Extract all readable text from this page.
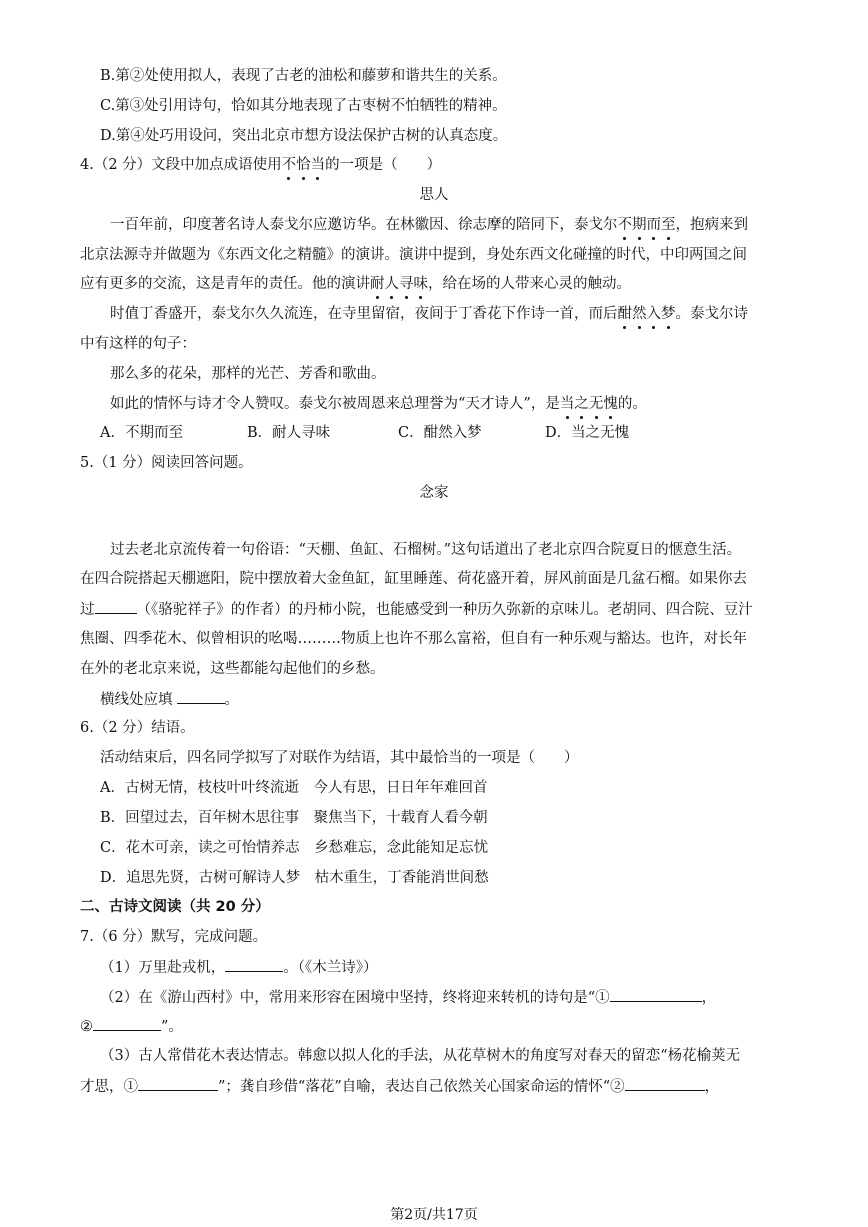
B.第②处使用拟人，表现了古老的油松和藤萝和谐共生的关系。
C.第③处引用诗句，恰如其分地表现了古枣树不怕牺牲的精神。
D.第④处巧用设问，突出北京市想方设法保护古树的认真态度。
4.（2 分）文段中加点成语使用不恰当的一项是（　　）
思人
一百年前，印度著名诗人泰戈尔应邀访华。在林徽因、徐志摩的陪同下，泰戈尔不期而至，抱病来到
北京法源寺并做题为《东西文化之精髓》的演讲。演讲中提到，身处东西文化碰撞的时代，中印两国之间
应有更多的交流，这是青年的责任。他的演讲耐人寻味，给在场的人带来心灵的触动。
时值丁香盛开，泰戈尔久久流连，在寺里留宿，夜间于丁香花下作诗一首，而后酣然入梦。泰戈尔诗
中有这样的句子：
那么多的花朵，那样的光芒、芳香和歌曲。
如此的情怀与诗才令人赞叹。泰戈尔被周恩来总理誉为“天才诗人”，是当之无愧的。
A．不期而至	B．耐人寻味	C．酣然入梦	D．当之无愧
5.（1 分）阅读回答问题。
念家
过去老北京流传着一句俗语：“天棚、鱼缸、石榴树。”这句话道出了老北京四合院夏日的惬意生活。
在四合院搭起天棚遮阳，院中摆放着大金鱼缸，缸里睡莲、荷花盛开着，屏风前面是几盆石榴。如果你去
过	（《骆驼祥子》的作者）的丹柿小院，也能感受到一种历久弥新的京味儿。老胡同、四合院、豆汁
焦圈、四季花木、似曾相识的吆喝………物质上也许不那么富裕，但自有一种乐观与豁达。也许，对长年
在外的老北京来说，这些都能勾起他们的乡愁。
横线处应填	。
6.（2 分）结语。
活动结束后，四名同学拟写了对联作为结语，其中最恰当的一项是（　　）
A．古树无情，枝枝叶叶终流逝　今人有思，日日年年难回首
B．回望过去，百年树木思往事　聚焦当下，十载育人看今朝
C．花木可亲，读之可怡情养志　乡愁难忘，念此能知足忘忧
D．追思先贤，古树可解诗人梦　枯木重生，丁香能消世间愁
二、古诗文阅读（共 20 分）
7.（6 分）默写，完成问题。
（1）万里赴戎机，	。（《木兰诗》）
（2）在《游山西村》中，常用来形容在困境中坚持，终将迎来转机的诗句是“①	，
②	”。
（3）古人常借花木表达情志。韩愈以拟人化的手法，从花草树木的角度写对春天的留恋“杨花榆荚无
才思，①	”；龚自珍借“落花”自喻，表达自己依然关心国家命运的情怀“②	，
第2页/共17页
